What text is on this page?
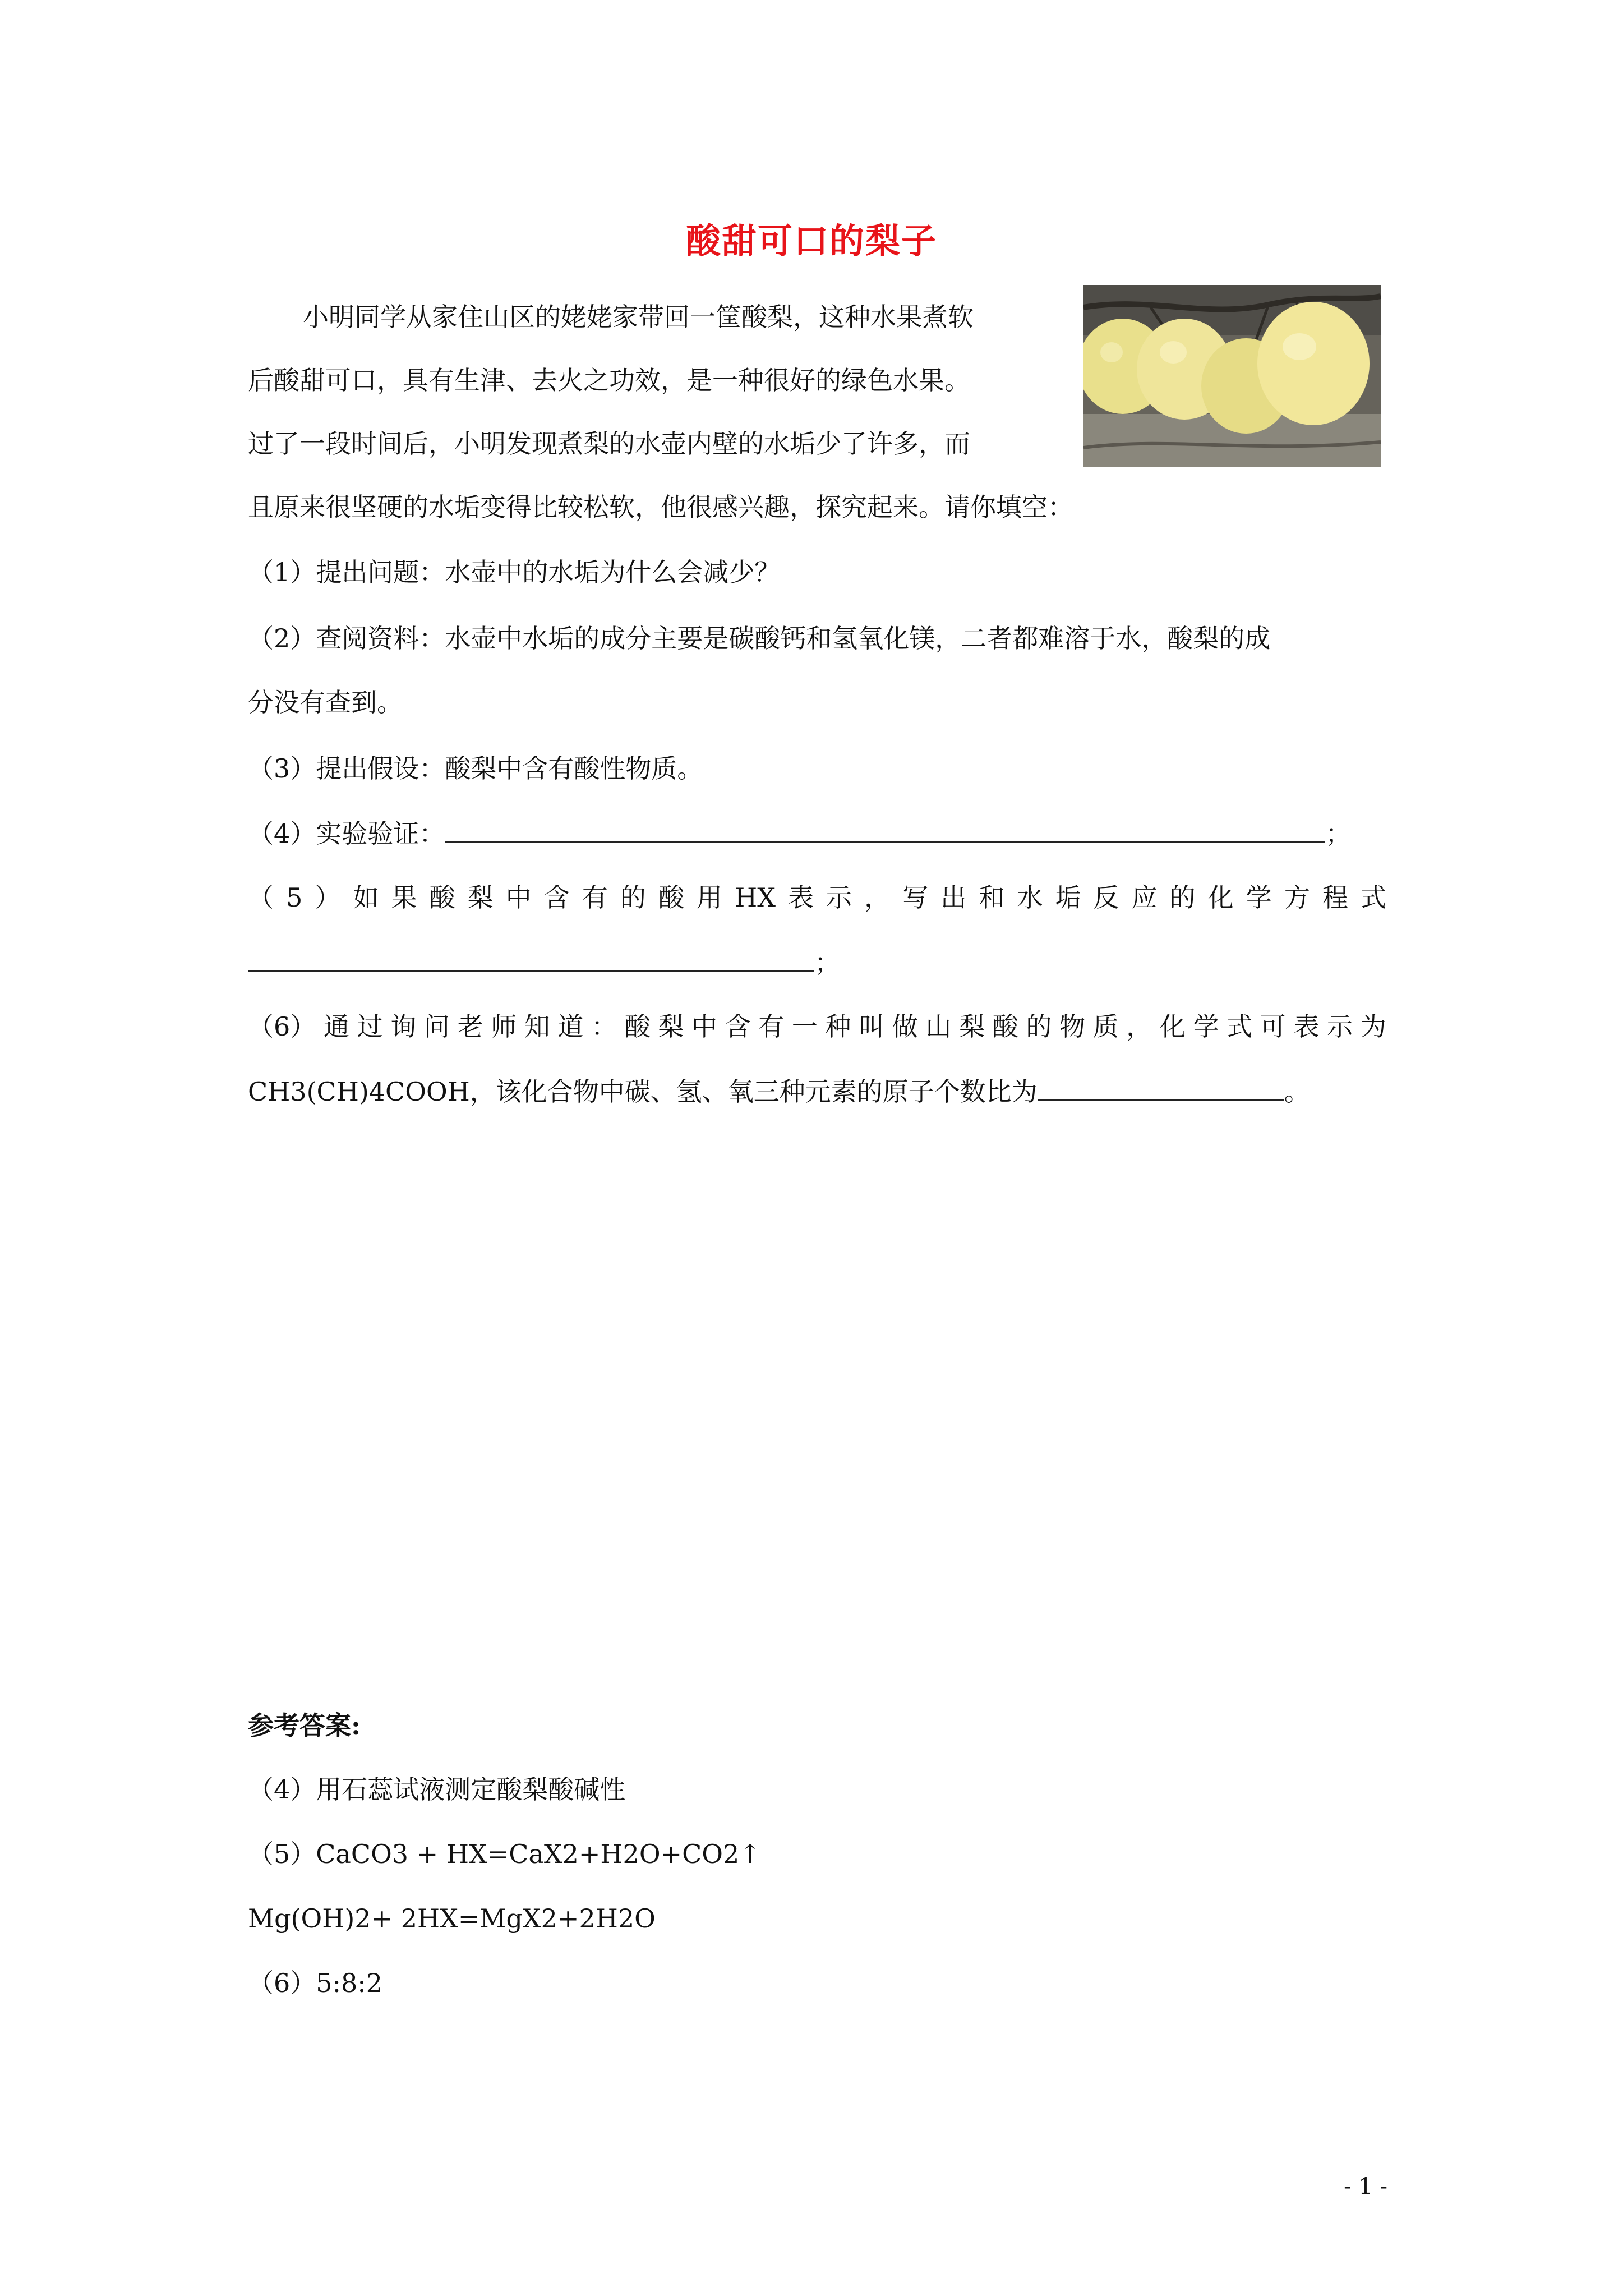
酸甜可口的梨子
小明同学从家住山区的姥姥家带回一筐酸梨，这种水果煮软
后酸甜可口，具有生津、去火之功效，是一种很好的绿色水果。
过了一段时间后，小明发现煮梨的水壶内壁的水垢少了许多，而
且原来很坚硬的水垢变得比较松软，他很感兴趣，探究起来。请你填空：
（1）提出问题：水壶中的水垢为什么会减少？
（2）查阅资料：水壶中水垢的成分主要是碳酸钙和氢氧化镁，二者都难溶于水，酸梨的成
分没有查到。
（3）提出假设：酸梨中含有酸性物质。
（4）实验验证：	；
（ 5 ） 如 果 酸 梨 中 含 有 的 酸 用 HX 表 示 ， 写 出 和 水 垢 反 应 的 化 学 方 程 式
；
（6） 通 过 询 问 老 师 知 道 ： 酸 梨 中 含 有 一 种 叫 做 山 梨 酸 的 物 质 ， 化 学 式 可 表 示 为
CH3(CH)4COOH，该化合物中碳、氢、氧三种元素的原子个数比为	。
参考答案:
（4）用石蕊试液测定酸梨酸碱性
（5）CaCO3 + HX=CaX2+H2O+CO2↑
Mg(OH)2+ 2HX=MgX2+2H2O
（6）5:8:2
- 1 -
